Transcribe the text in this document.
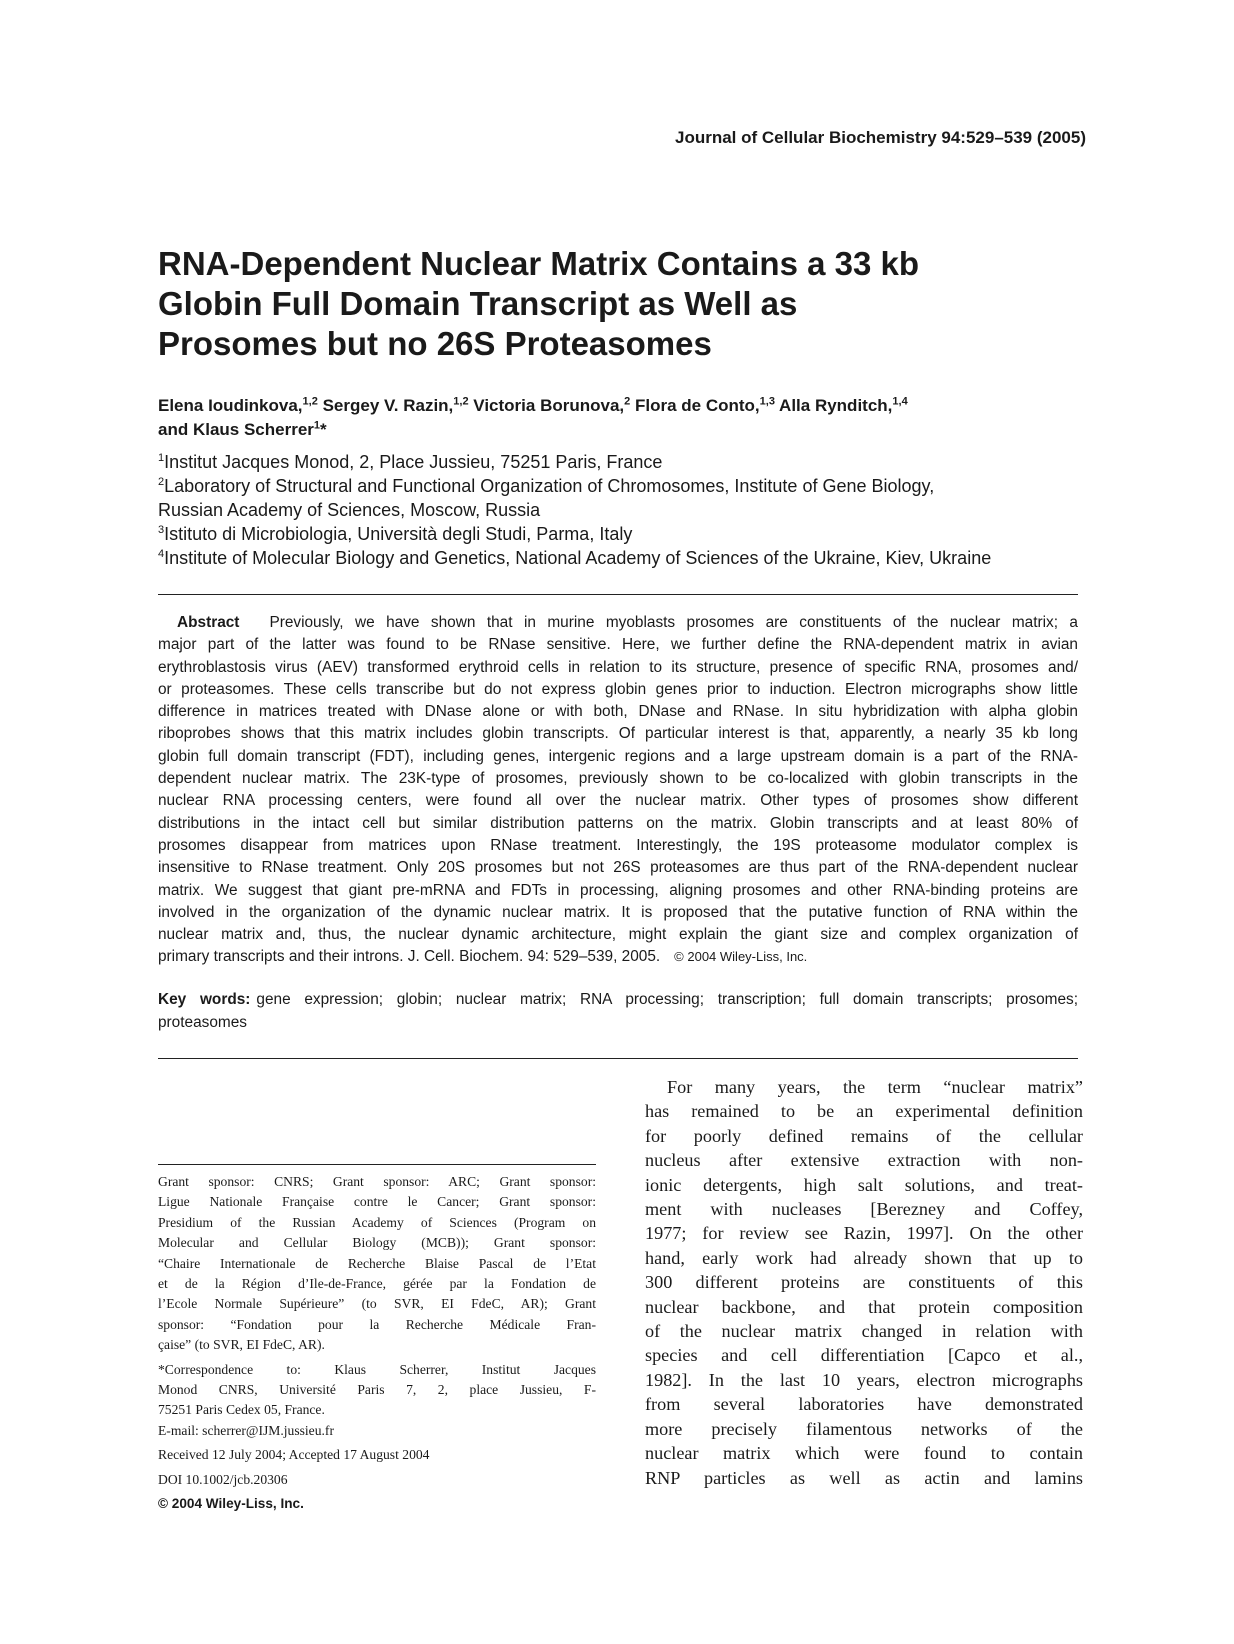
Journal of Cellular Biochemistry 94:529–539 (2005)
RNA-Dependent Nuclear Matrix Contains a 33 kb
Globin Full Domain Transcript as Well as
Prosomes but no 26S Proteasomes
Elena Ioudinkova,$^{1,2}$ Sergey V. Razin,$^{1,2}$ Victoria Borunova,$^2$ Flora de Conto,$^{1,3}$ Alla Rynditch,$^{1,4}$
and Klaus Scherrer$^1$*
$^1$Institut Jacques Monod, 2, Place Jussieu, 75251 Paris, France
$^2$Laboratory of Structural and Functional Organization of Chromosomes, Institute of Gene Biology,
Russian Academy of Sciences, Moscow, Russia
$^3$Istituto di Microbiologia, Università degli Studi, Parma, Italy
$^4$Institute of Molecular Biology and Genetics, National Academy of Sciences of the Ukraine, Kiev, Ukraine
Abstract Previously, we have shown that in murine myoblasts prosomes are constituents of the nuclear matrix; a
major part of the latter was found to be RNase sensitive. Here, we further define the RNA-dependent matrix in avian
erythroblastosis virus (AEV) transformed erythroid cells in relation to its structure, presence of specific RNA, prosomes and/
or proteasomes. These cells transcribe but do not express globin genes prior to induction. Electron micrographs show little
difference in matrices treated with DNase alone or with both, DNase and RNase. In situ hybridization with alpha globin
riboprobes shows that this matrix includes globin transcripts. Of particular interest is that, apparently, a nearly 35 kb long
globin full domain transcript (FDT), including genes, intergenic regions and a large upstream domain is a part of the RNA-
dependent nuclear matrix. The 23K-type of prosomes, previously shown to be co-localized with globin transcripts in the
nuclear RNA processing centers, were found all over the nuclear matrix. Other types of prosomes show different
distributions in the intact cell but similar distribution patterns on the matrix. Globin transcripts and at least 80% of
prosomes disappear from matrices upon RNase treatment. Interestingly, the 19S proteasome modulator complex is
insensitive to RNase treatment. Only 20S prosomes but not 26S proteasomes are thus part of the RNA-dependent nuclear
matrix. We suggest that giant pre-mRNA and FDTs in processing, aligning prosomes and other RNA-binding proteins are
involved in the organization of the dynamic nuclear matrix. It is proposed that the putative function of RNA within the
nuclear matrix and, thus, the nuclear dynamic architecture, might explain the giant size and complex organization of
primary transcripts and their introns. J. Cell. Biochem. 94: 529–539, 2005. © 2004 Wiley-Liss, Inc.
Key words: gene expression; globin; nuclear matrix; RNA processing; transcription; full domain transcripts; prosomes;
proteasomes
Grant sponsor: CNRS; Grant sponsor: ARC; Grant sponsor:
Ligue Nationale Française contre le Cancer; Grant sponsor:
Presidium of the Russian Academy of Sciences (Program on
Molecular and Cellular Biology (MCB)); Grant sponsor:
“Chaire Internationale de Recherche Blaise Pascal de l’Etat
et de la Région d’Ile-de-France, gérée par la Fondation de
l’Ecole Normale Supérieure” (to SVR, EI FdeC, AR); Grant
sponsor: “Fondation pour la Recherche Médicale Fran-
çaise” (to SVR, EI FdeC, AR).
*Correspondence to: Klaus Scherrer, Institut Jacques
Monod CNRS, Université Paris 7, 2, place Jussieu, F-
75251 Paris Cedex 05, France.
E-mail: scherrer@IJM.jussieu.fr
Received 12 July 2004; Accepted 17 August 2004
DOI 10.1002/jcb.20306
© 2004 Wiley-Liss, Inc.
For many years, the term “nuclear matrix”
has remained to be an experimental definition
for poorly defined remains of the cellular
nucleus after extensive extraction with non-
ionic detergents, high salt solutions, and treat-
ment with nucleases [Berezney and Coffey,
1977; for review see Razin, 1997]. On the other
hand, early work had already shown that up to
300 different proteins are constituents of this
nuclear backbone, and that protein composition
of the nuclear matrix changed in relation with
species and cell differentiation [Capco et al.,
1982]. In the last 10 years, electron micrographs
from several laboratories have demonstrated
more precisely filamentous networks of the
nuclear matrix which were found to contain
RNP particles as well as actin and lamins
